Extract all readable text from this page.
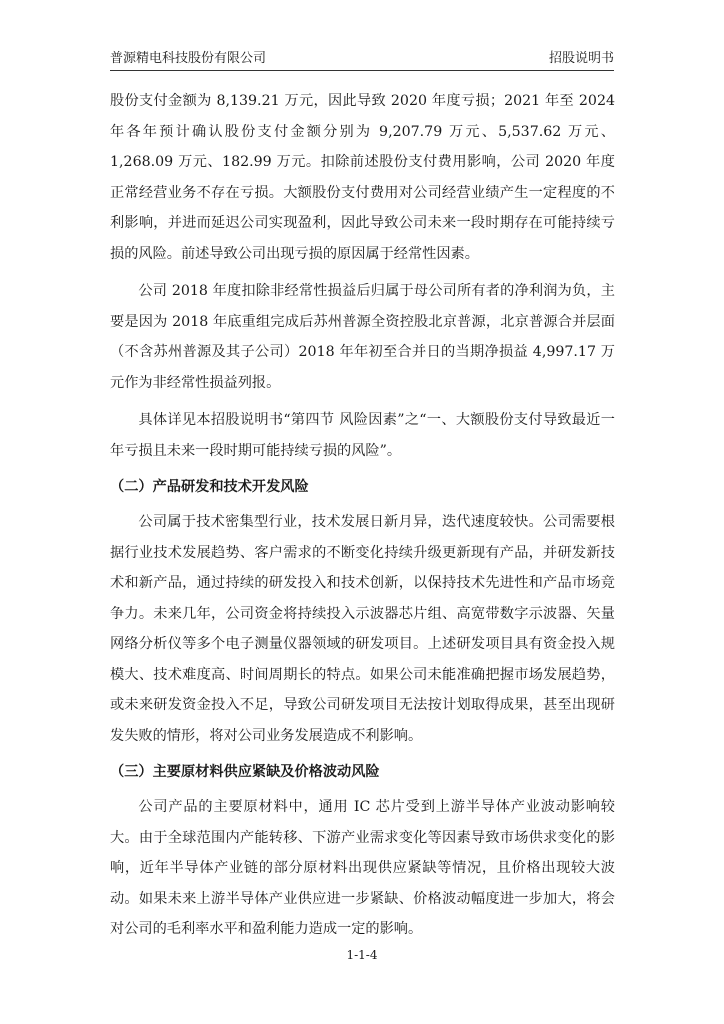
普源精电科技股份有限公司	招股说明书

股份支付金额为 8,139.21 万元，因此导致 2020 年度亏损；2021 年至 2024 年各年预计确认股份支付金额分别为 9,207.79 万元、5,537.62 万元、1,268.09 万元、182.99 万元。扣除前述股份支付费用影响，公司 2020 年度正常经营业务不存在亏损。大额股份支付费用对公司经营业绩产生一定程度的不利影响，并进而延迟公司实现盈利，因此导致公司未来一段时期存在可能持续亏损的风险。前述导致公司出现亏损的原因属于经常性因素。

公司 2018 年度扣除非经常性损益后归属于母公司所有者的净利润为负，主要是因为 2018 年底重组完成后苏州普源全资控股北京普源，北京普源合并层面（不含苏州普源及其子公司）2018 年年初至合并日的当期净损益 4,997.17 万元作为非经常性损益列报。

具体详见本招股说明书“第四节 风险因素”之“一、大额股份支付导致最近一年亏损且未来一段时期可能持续亏损的风险”。

（二）产品研发和技术开发风险

公司属于技术密集型行业，技术发展日新月异，迭代速度较快。公司需要根据行业技术发展趋势、客户需求的不断变化持续升级更新现有产品，并研发新技术和新产品，通过持续的研发投入和技术创新，以保持技术先进性和产品市场竞争力。未来几年，公司资金将持续投入示波器芯片组、高宽带数字示波器、矢量网络分析仪等多个电子测量仪器领域的研发项目。上述研发项目具有资金投入规模大、技术难度高、时间周期长的特点。如果公司未能准确把握市场发展趋势，或未来研发资金投入不足，导致公司研发项目无法按计划取得成果，甚至出现研发失败的情形，将对公司业务发展造成不利影响。

（三）主要原材料供应紧缺及价格波动风险

公司产品的主要原材料中，通用 IC 芯片受到上游半导体产业波动影响较大。由于全球范围内产能转移、下游产业需求变化等因素导致市场供求变化的影响，近年半导体产业链的部分原材料出现供应紧缺等情况，且价格出现较大波动。如果未来上游半导体产业供应进一步紧缺、价格波动幅度进一步加大，将会对公司的毛利率水平和盈利能力造成一定的影响。

1-1-4
